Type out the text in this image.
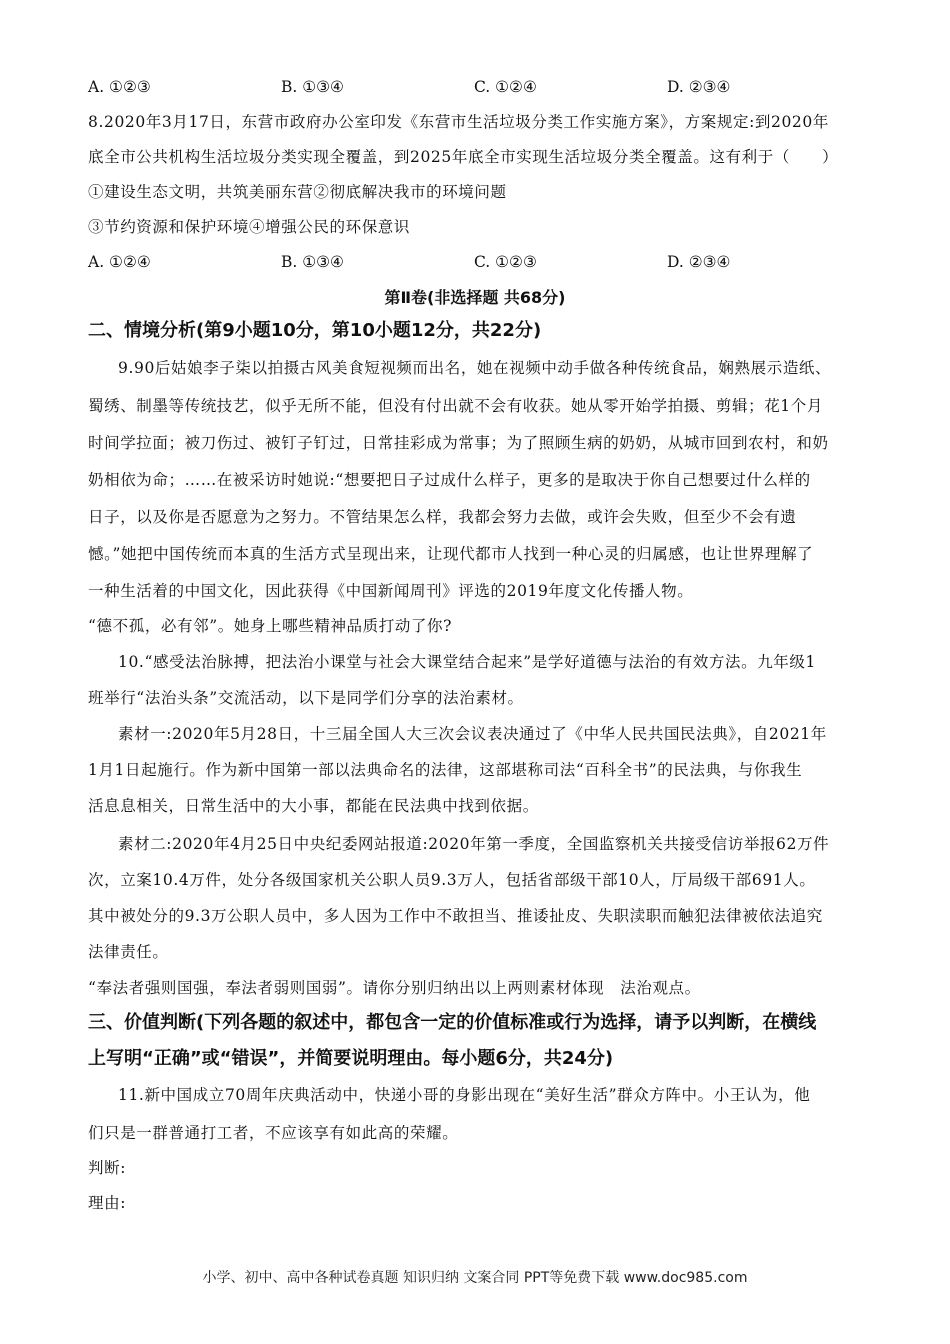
A. ①②③	B. ①③④	C. ①②④	D. ②③④
8.2020年3月17日，东营市政府办公室印发《东营市生活垃圾分类工作实施方案》，方案规定:到2020年
底全市公共机构生活垃圾分类实现全覆盖，到2025年底全市实现生活垃圾分类全覆盖。这有利于（　　）
①建设生态文明，共筑美丽东营②彻底解决我市的环境问题
③节约资源和保护环境④增强公民的环保意识
A. ①②④	B. ①③④	C. ①②③	D. ②③④
第Ⅱ卷(非选择题 共68分)
二、情境分析(第9小题10分，第10小题12分，共22分)
9.90后姑娘李子柒以拍摄古风美食短视频而出名，她在视频中动手做各种传统食品，娴熟展示造纸、
蜀绣、制墨等传统技艺，似乎无所不能，但没有付出就不会有收获。她从零开始学拍摄、剪辑；花1个月
时间学拉面；被刀伤过、被钉子钉过，日常挂彩成为常事；为了照顾生病的奶奶，从城市回到农村，和奶
奶相依为命；……在被采访时她说:“想要把日子过成什么样子，更多的是取决于你自己想要过什么样的
日子，以及你是否愿意为之努力。不管结果怎么样，我都会努力去做，或许会失败，但至少不会有遗
憾。”她把中国传统而本真的生活方式呈现出来，让现代都市人找到一种心灵的归属感，也让世界理解了
一种生活着的中国文化，因此获得《中国新闻周刊》评选的2019年度文化传播人物。
“德不孤，必有邻”。她身上哪些精神品质打动了你?
10.“感受法治脉搏，把法治小课堂与社会大课堂结合起来”是学好道德与法治的有效方法。九年级1
班举行“法治头条”交流活动，以下是同学们分享的法治素材。
素材一:2020年5月28日，十三届全国人大三次会议表决通过了《中华人民共国民法典》，自2021年
1月1日起施行。作为新中国第一部以法典命名的法律，这部堪称司法“百科全书”的民法典，与你我生
活息息相关，日常生活中的大小事，都能在民法典中找到依据。
素材二:2020年4月25日中央纪委网站报道:2020年第一季度，全国监察机关共接受信访举报62万件
次，立案10.4万件，处分各级国家机关公职人员9.3万人，包括省部级干部10人，厅局级干部691人。
其中被处分的9.3万公职人员中，多人因为工作中不敢担当、推诿扯皮、失职渎职而触犯法律被依法追究
法律责任。
“奉法者强则国强，奉法者弱则国弱”。请你分别归纳出以上两则素材体现　法治观点。
三、价值判断(下列各题的叙述中，都包含一定的价值标准或行为选择，请予以判断，在横线
上写明“正确”或“错误”，并简要说明理由。每小题6分，共24分)
11.新中国成立70周年庆典活动中，快递小哥的身影出现在“美好生活”群众方阵中。小王认为，他
们只是一群普通打工者，不应该享有如此高的荣耀。
判断:
理由:
小学、初中、高中各种试卷真题 知识归纳 文案合同 PPT等免费下载 www.doc985.com
